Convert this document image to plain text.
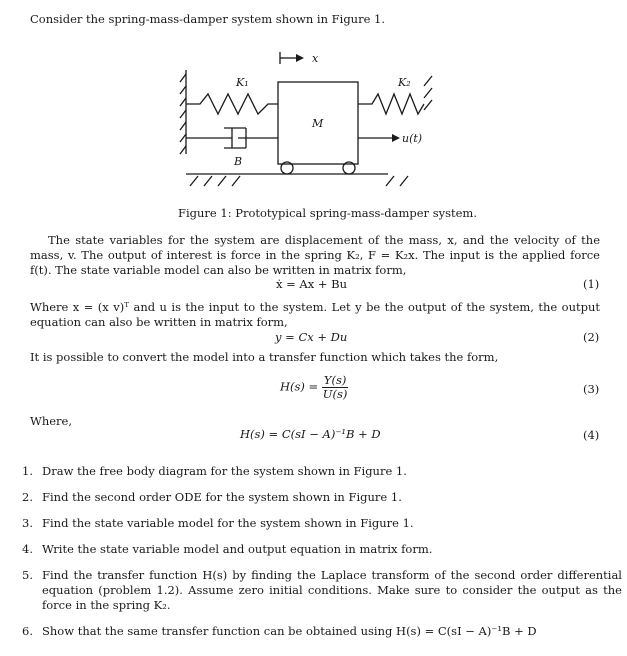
Consider the spring-mass-damper system shown in Figure 1.
x
K₁	K₂
M
u(t)
B
Figure 1: Prototypical spring-mass-damper system.
The state variables for the system are displacement of the mass, x, and the velocity of the mass, v. The output of interest is force in the spring K₂, F = K₂x. The input is the applied force f(t). The state variable model can also be written in matrix form,
ẋ = Ax + Bu	(1)
Where x = (x v)ᵀ and u is the input to the system. Let y be the output of the system, the output equation can also be written in matrix form,
y = Cx + Du	(2)
It is possible to convert the model into a transfer function which takes the form,
$H(s) = \frac{Y(s)}{U(s)}$	(3)
Where,
H(s) = C(sI − A)⁻¹B + D	(4)
1. Draw the free body diagram for the system shown in Figure 1.
2. Find the second order ODE for the system shown in Figure 1.
3. Find the state variable model for the system shown in Figure 1.
4. Write the state variable model and output equation in matrix form.
5. Find the transfer function H(s) by finding the Laplace transform of the second order differential equation (problem 1.2). Assume zero initial conditions. Make sure to consider the output as the force in the spring K₂.
6. Show that the same transfer function can be obtained using H(s) = C(sI − A)⁻¹B + D
